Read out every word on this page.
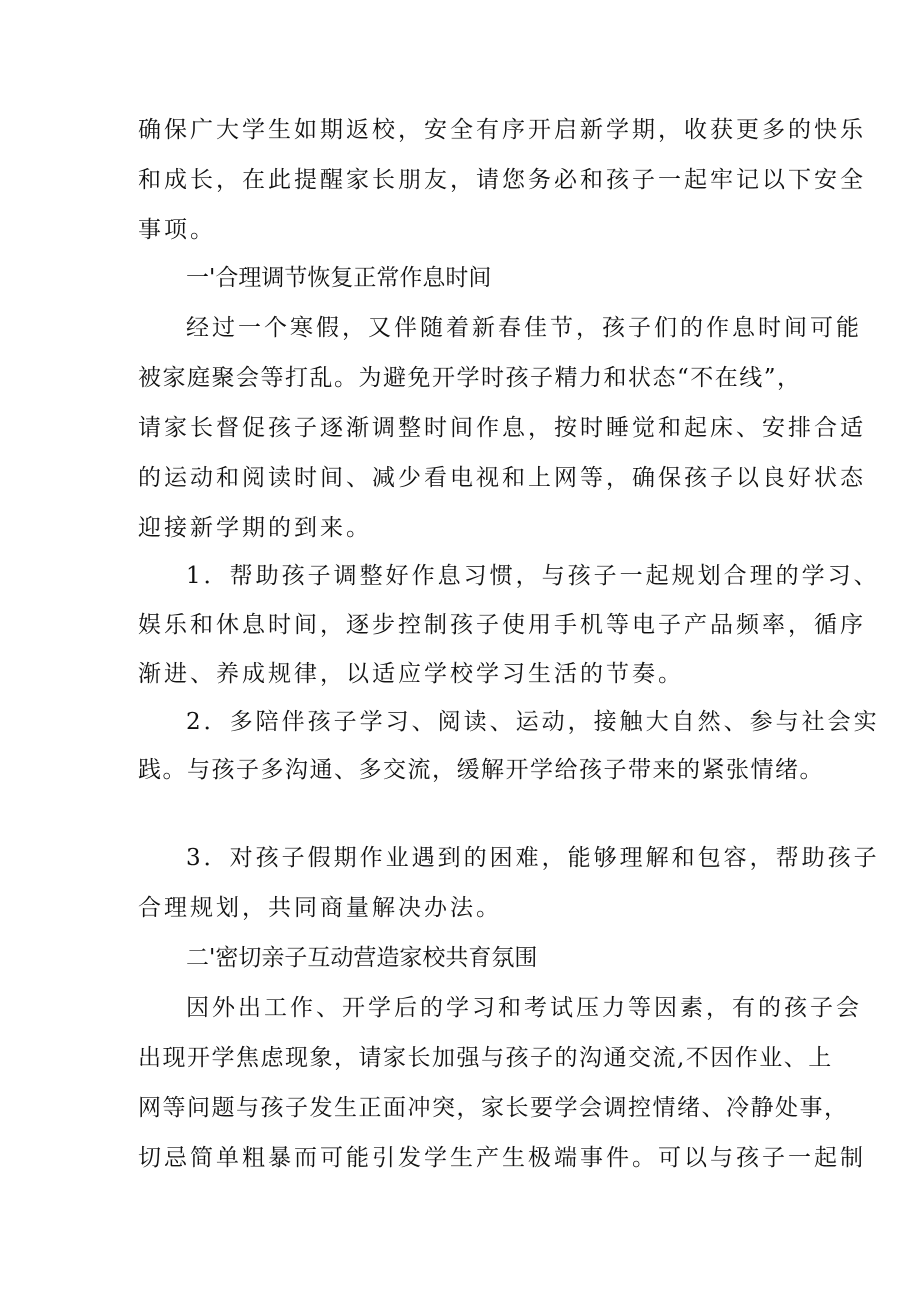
确保广大学生如期返校，安全有序开启新学期，收获更多的快乐
和成长，在此提醒家长朋友，请您务必和孩子一起牢记以下安全
事项。
一'合理调节恢复正常作息时间
经过一个寒假，又伴随着新春佳节，孩子们的作息时间可能
被家庭聚会等打乱。为避免开学时孩子精力和状态“不在线”，
请家长督促孩子逐渐调整时间作息，按时睡觉和起床、安排合适
的运动和阅读时间、减少看电视和上网等，确保孩子以良好状态
迎接新学期的到来。
1．帮助孩子调整好作息习惯，与孩子一起规划合理的学习、
娱乐和休息时间，逐步控制孩子使用手机等电子产品频率，循序
渐进、养成规律，以适应学校学习生活的节奏。
2．多陪伴孩子学习、阅读、运动，接触大自然、参与社会实
践。与孩子多沟通、多交流，缓解开学给孩子带来的紧张情绪。
3．对孩子假期作业遇到的困难，能够理解和包容，帮助孩子
合理规划，共同商量解决办法。
二'密切亲子互动营造家校共育氛围
因外出工作、开学后的学习和考试压力等因素，有的孩子会
出现开学焦虑现象，请家长加强与孩子的沟通交流,不因作业、上
网等问题与孩子发生正面冲突，家长要学会调控情绪、冷静处事，
切忌简单粗暴而可能引发学生产生极端事件。可以与孩子一起制
